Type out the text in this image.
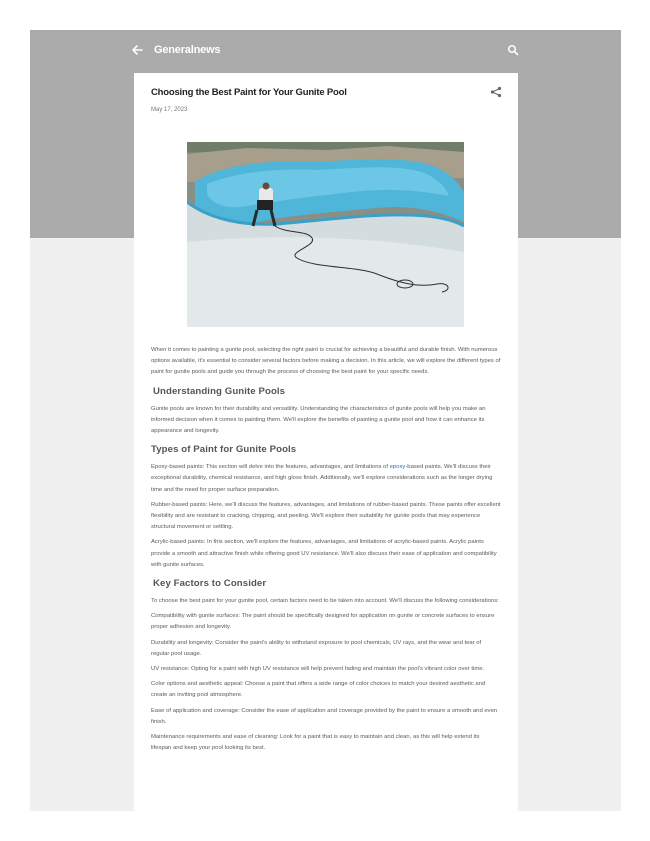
Generalnews
Choosing the Best Paint for Your Gunite Pool
May 17, 2023

When it comes to painting a gunite pool, selecting the right paint is crucial for achieving a beautiful and durable finish. With numerous options available, it's essential to consider several factors before making a decision. In this article, we will explore the different types of paint for gunite pools and guide you through the process of choosing the best paint for your specific needs.

Understanding Gunite Pools

Gunite pools are known for their durability and versatility. Understanding the characteristics of gunite pools will help you make an informed decision when it comes to painting them. We'll explore the benefits of painting a gunite pool and how it can enhance its appearance and longevity.

Types of Paint for Gunite Pools

Epoxy-based paints: This section will delve into the features, advantages, and limitations of epoxy-based paints. We'll discuss their exceptional durability, chemical resistance, and high gloss finish. Additionally, we'll explore considerations such as the longer drying time and the need for proper surface preparation.

Rubber-based paints: Here, we'll discuss the features, advantages, and limitations of rubber-based paints. These paints offer excellent flexibility and are resistant to cracking, chipping, and peeling. We'll explore their suitability for gunite pools that may experience structural movement or settling.

Acrylic-based paints: In this section, we'll explore the features, advantages, and limitations of acrylic-based paints. Acrylic paints provide a smooth and attractive finish while offering good UV resistance. We'll also discuss their ease of application and compatibility with gunite surfaces.

Key Factors to Consider

To choose the best paint for your gunite pool, certain factors need to be taken into account. We'll discuss the following considerations:

Compatibility with gunite surfaces: The paint should be specifically designed for application on gunite or concrete surfaces to ensure proper adhesion and longevity.

Durability and longevity: Consider the paint's ability to withstand exposure to pool chemicals, UV rays, and the wear and tear of regular pool usage.

UV resistance: Opting for a paint with high UV resistance will help prevent fading and maintain the pool's vibrant color over time.

Color options and aesthetic appeal: Choose a paint that offers a wide range of color choices to match your desired aesthetic and create an inviting pool atmosphere.

Ease of application and coverage: Consider the ease of application and coverage provided by the paint to ensure a smooth and even finish.

Maintenance requirements and ease of cleaning: Look for a paint that is easy to maintain and clean, as this will help extend its lifespan and keep your pool looking its best.
